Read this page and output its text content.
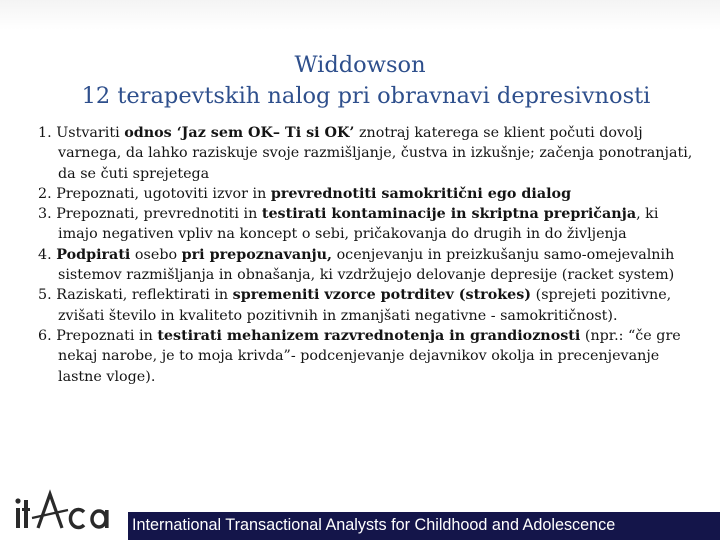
Widdowson
12 terapevtskih nalog pri obravnavi depresivnosti
1. Ustvariti odnos ‘Jaz sem OK– Ti si OK’ znotraj katerega se klient počuti dovolj varnega, da lahko raziskuje svoje razmišljanje, čustva in izkušnje; začenja ponotranjati, da se čuti sprejetega
2. Prepoznati, ugotoviti izvor in prevrednotiti samokritični ego dialog
3. Prepoznati, prevrednotiti in testirati kontaminacije in skriptna prepričanja, ki imajo negativen vpliv na koncept o sebi, pričakovanja do drugih in do življenja
4. Podpirati osebo pri prepoznavanju, ocenjevanju in preizkušanju samo-omejevalnih sistemov razmišljanja in obnašanja, ki vzdržujejo delovanje depresije (racket system)
5. Raziskati, reflektirati in spremeniti vzorce potrditev (strokes) (sprejeti pozitivne, zvišati število in kvaliteto pozitivnih in zmanjšati negativne - samokritičnost).
6. Prepoznati in testirati mehanizem razvrednotenja in grandioznosti (npr.: “če gre nekaj narobe, je to moja krivda”- podcenjevanje dejavnikov okolja in precenjevanje lastne vloge).
International Transactional Analysts for Childhood and Adolescence
